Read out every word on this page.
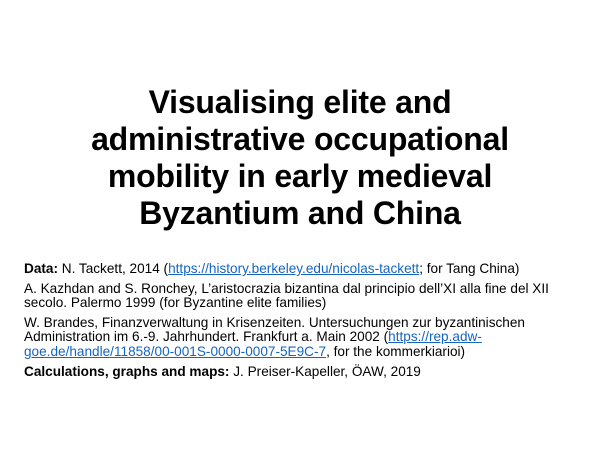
Visualising elite and administrative occupational mobility in early medieval Byzantium and China

Data: N. Tackett, 2014 (https://history.berkeley.edu/nicolas-tackett; for Tang China)

A. Kazhdan and S. Ronchey, L’aristocrazia bizantina dal principio dell’XI alla fine del XII secolo. Palermo 1999 (for Byzantine elite families)

W. Brandes, Finanzverwaltung in Krisenzeiten. Untersuchungen zur byzantinischen Administration im 6.-9. Jahrhundert. Frankfurt a. Main 2002 (https://rep.adw-goe.de/handle/11858/00-001S-0000-0007-5E9C-7, for the kommerkiarioi)

Calculations, graphs and maps: J. Preiser-Kapeller, ÖAW, 2019
